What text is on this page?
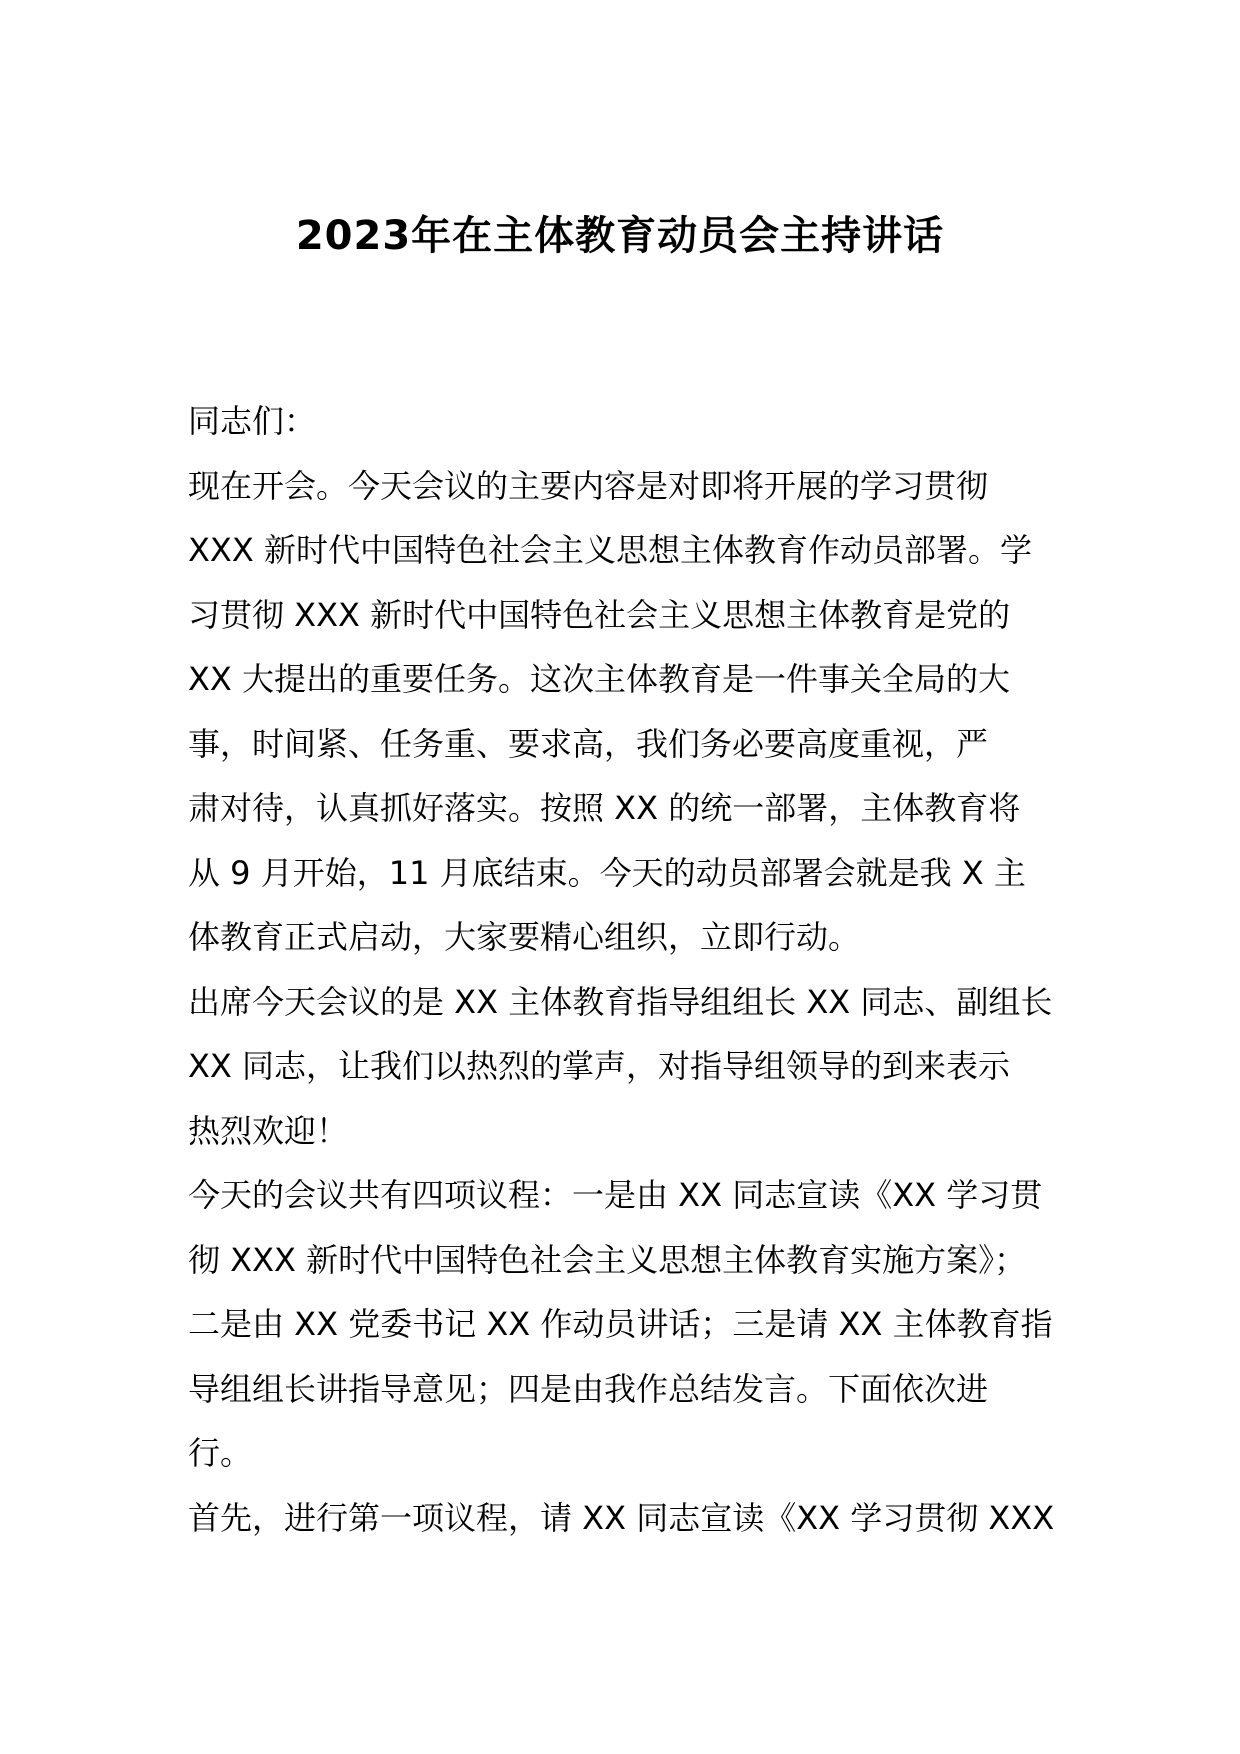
2023年在主体教育动员会主持讲话
同志们：
现在开会。今天会议的主要内容是对即将开展的学习贯彻
XXX 新时代中国特色社会主义思想主体教育作动员部署。学
习贯彻 XXX 新时代中国特色社会主义思想主体教育是党的
XX 大提出的重要任务。这次主体教育是一件事关全局的大
事，时间紧、任务重、要求高，我们务必要高度重视，严
肃对待，认真抓好落实。按照 XX 的统一部署，主体教育将
从 9 月开始，11 月底结束。今天的动员部署会就是我 X 主
体教育正式启动，大家要精心组织，立即行动。
出席今天会议的是 XX 主体教育指导组组长 XX 同志、副组长
XX 同志，让我们以热烈的掌声，对指导组领导的到来表示
热烈欢迎！
今天的会议共有四项议程：一是由 XX 同志宣读《XX 学习贯
彻 XXX 新时代中国特色社会主义思想主体教育实施方案》；
二是由 XX 党委书记 XX 作动员讲话；三是请 XX 主体教育指
导组组长讲指导意见；四是由我作总结发言。下面依次进
行。
首先，进行第一项议程，请 XX 同志宣读《XX 学习贯彻 XXX
